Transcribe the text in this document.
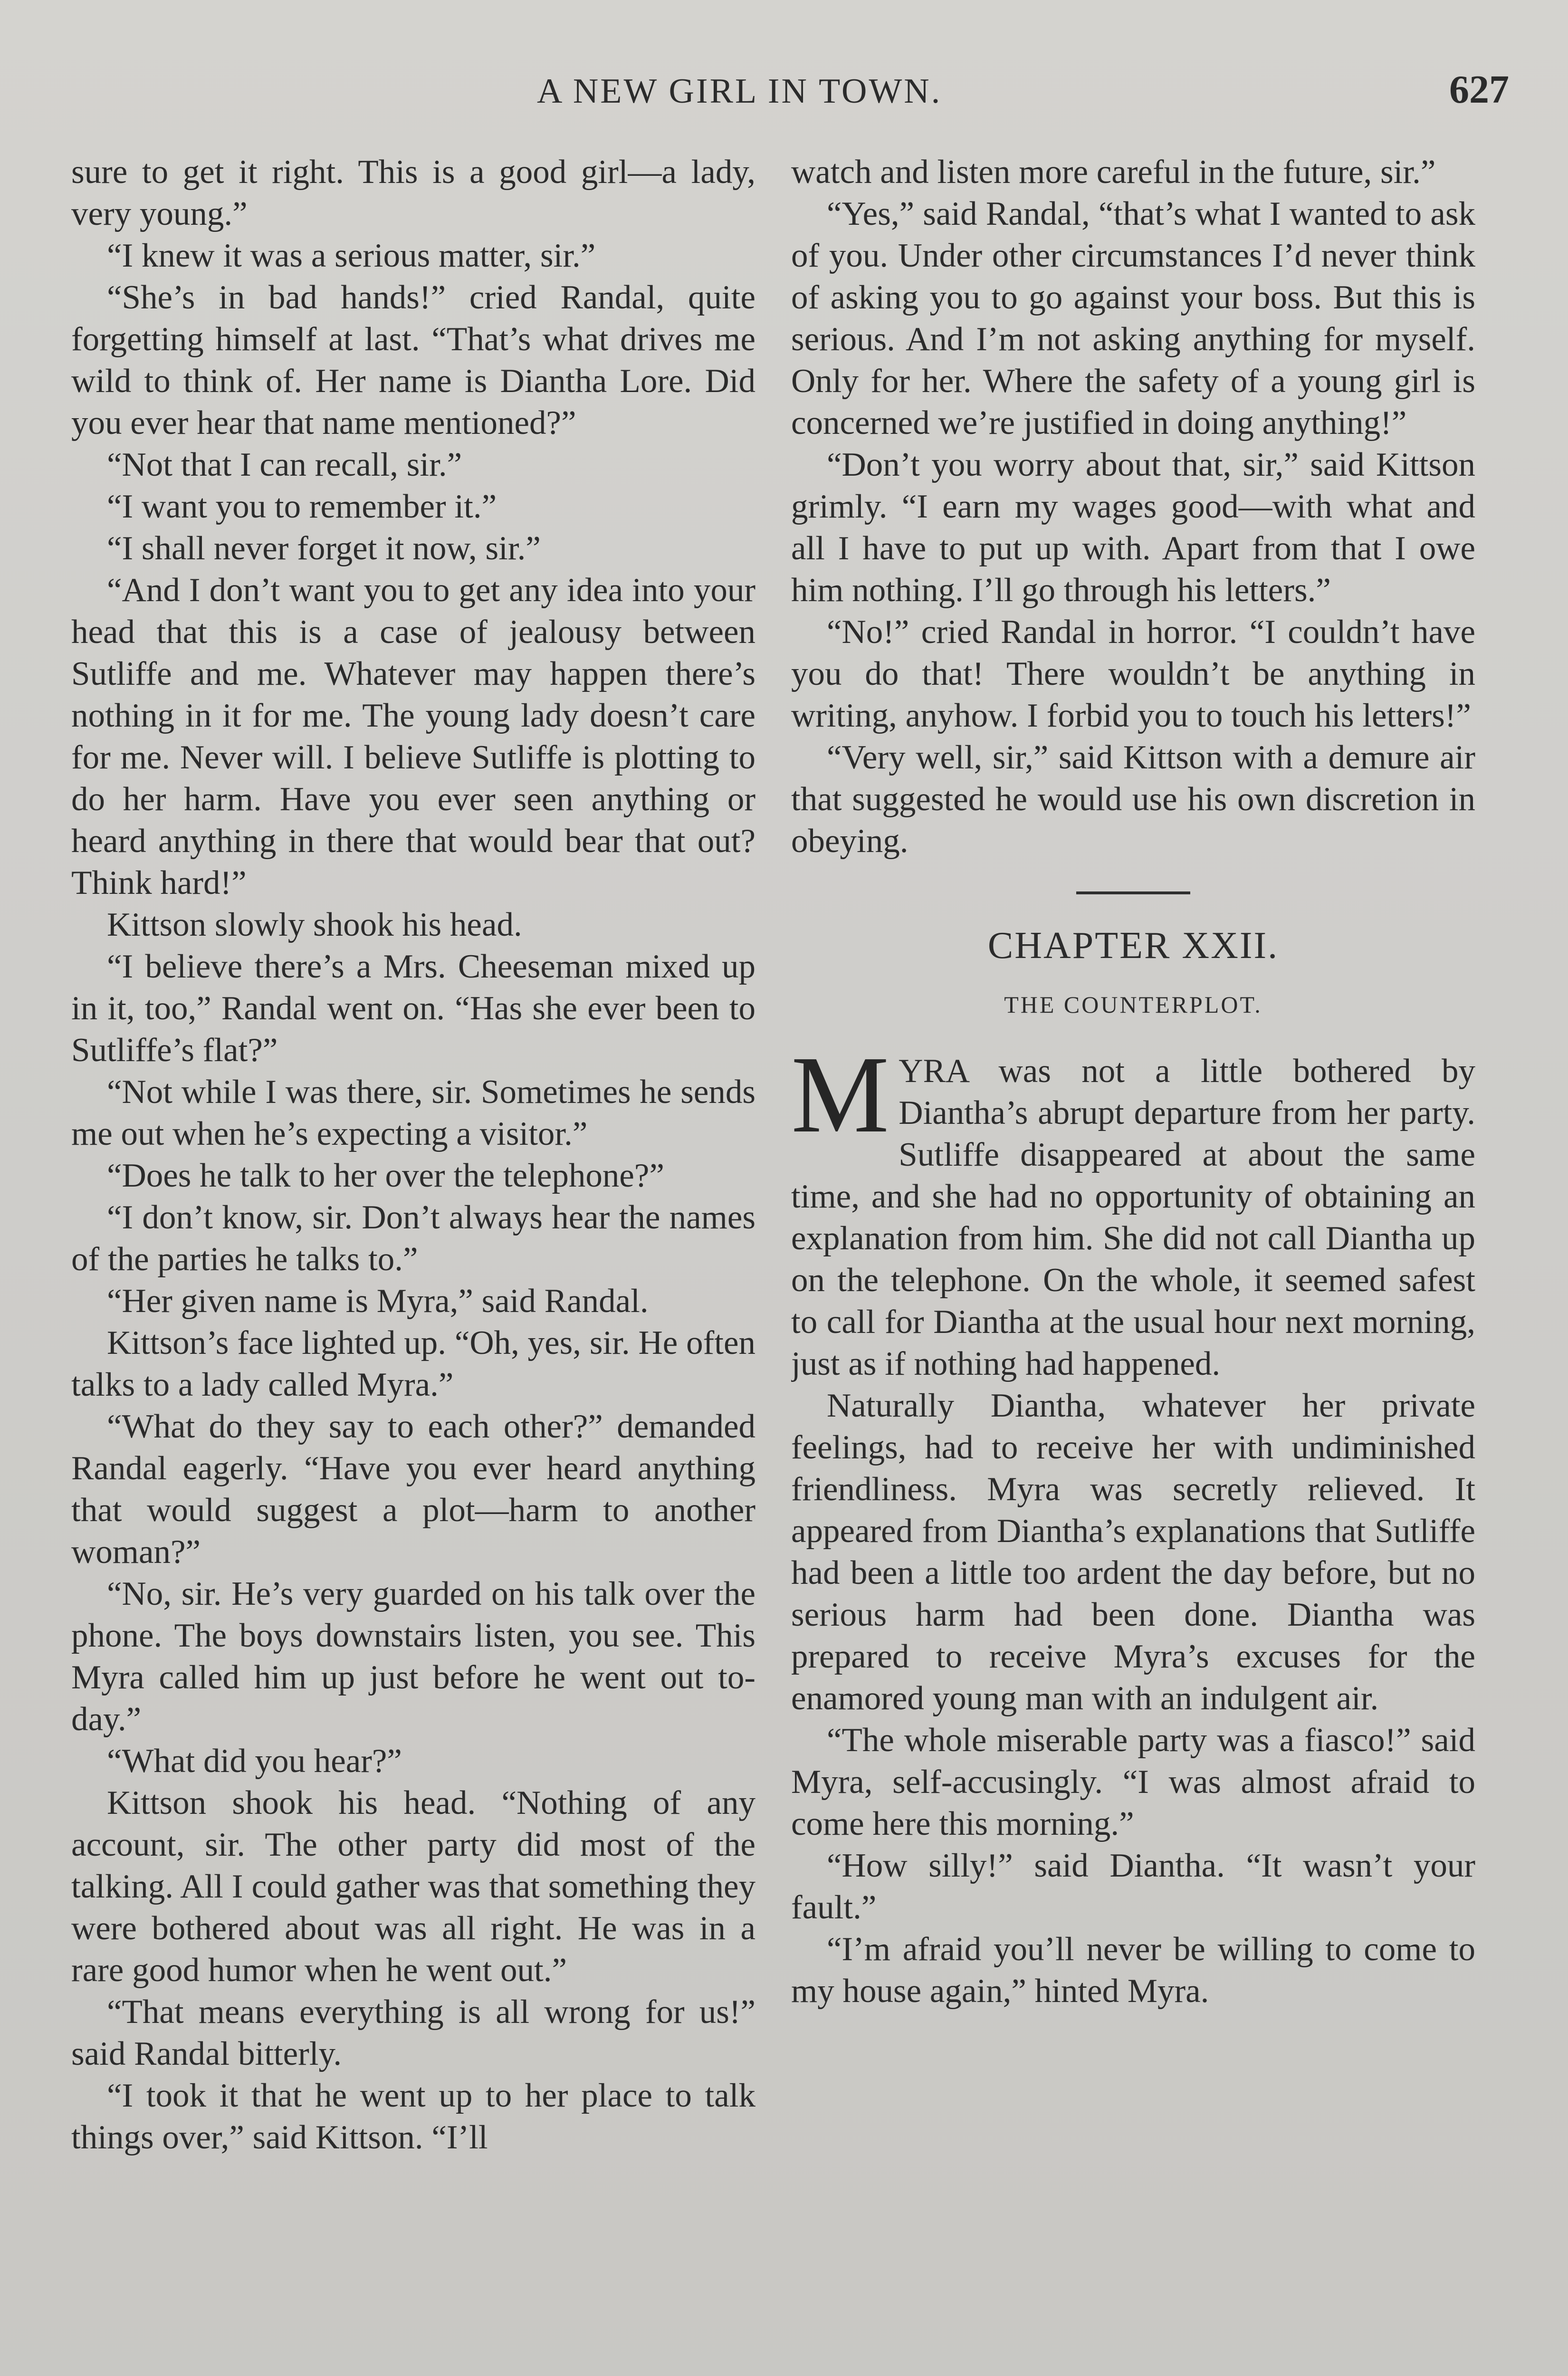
A NEW GIRL IN TOWN.	627

sure to get it right. This is a good girl—a lady, very young.”

“I knew it was a serious matter, sir.”

“She’s in bad hands!” cried Randal, quite forgetting himself at last. “That’s what drives me wild to think of. Her name is Diantha Lore. Did you ever hear that name mentioned?”

“Not that I can recall, sir.”

“I want you to remember it.”

“I shall never forget it now, sir.”

“And I don’t want you to get any idea into your head that this is a case of jealousy between Sutliffe and me. Whatever may happen there’s nothing in it for me. The young lady doesn’t care for me. Never will. I believe Sutliffe is plotting to do her harm. Have you ever seen anything or heard anything in there that would bear that out? Think hard!”

Kittson slowly shook his head.

“I believe there’s a Mrs. Cheeseman mixed up in it, too,” Randal went on. “Has she ever been to Sutliffe’s flat?”

“Not while I was there, sir. Sometimes he sends me out when he’s expecting a visitor.”

“Does he talk to her over the telephone?”

“I don’t know, sir. Don’t always hear the names of the parties he talks to.”

“Her given name is Myra,” said Randal.

Kittson’s face lighted up. “Oh, yes, sir. He often talks to a lady called Myra.”

“What do they say to each other?” demanded Randal eagerly. “Have you ever heard anything that would suggest a plot—harm to another woman?”

“No, sir. He’s very guarded on his talk over the phone. The boys downstairs listen, you see. This Myra called him up just before he went out to-day.”

“What did you hear?”

Kittson shook his head. “Nothing of any account, sir. The other party did most of the talking. All I could gather was that something they were bothered about was all right. He was in a rare good humor when he went out.”

“That means everything is all wrong for us!” said Randal bitterly.

“I took it that he went up to her place to talk things over,” said Kittson. “I’ll

watch and listen more careful in the future, sir.”

“Yes,” said Randal, “that’s what I wanted to ask of you. Under other circumstances I’d never think of asking you to go against your boss. But this is serious. And I’m not asking anything for myself. Only for her. Where the safety of a young girl is concerned we’re justified in doing anything!”

“Don’t you worry about that, sir,” said Kittson grimly. “I earn my wages good—with what and all I have to put up with. Apart from that I owe him nothing. I’ll go through his letters.”

“No!” cried Randal in horror. “I couldn’t have you do that! There wouldn’t be anything in writing, anyhow. I forbid you to touch his letters!”

“Very well, sir,” said Kittson with a demure air that suggested he would use his own discretion in obeying.

CHAPTER XXII.
THE COUNTERPLOT.

MYRA was not a little bothered by Diantha’s abrupt departure from her party. Sutliffe disappeared at about the same time, and she had no opportunity of obtaining an explanation from him. She did not call Diantha up on the telephone. On the whole, it seemed safest to call for Diantha at the usual hour next morning, just as if nothing had happened.

Naturally Diantha, whatever her private feelings, had to receive her with undiminished friendliness. Myra was secretly relieved. It appeared from Diantha’s explanations that Sutliffe had been a little too ardent the day before, but no serious harm had been done. Diantha was prepared to receive Myra’s excuses for the enamored young man with an indulgent air.

“The whole miserable party was a fiasco!” said Myra, self-accusingly. “I was almost afraid to come here this morning.”

“How silly!” said Diantha. “It wasn’t your fault.”

“I’m afraid you’ll never be willing to come to my house again,” hinted Myra.
